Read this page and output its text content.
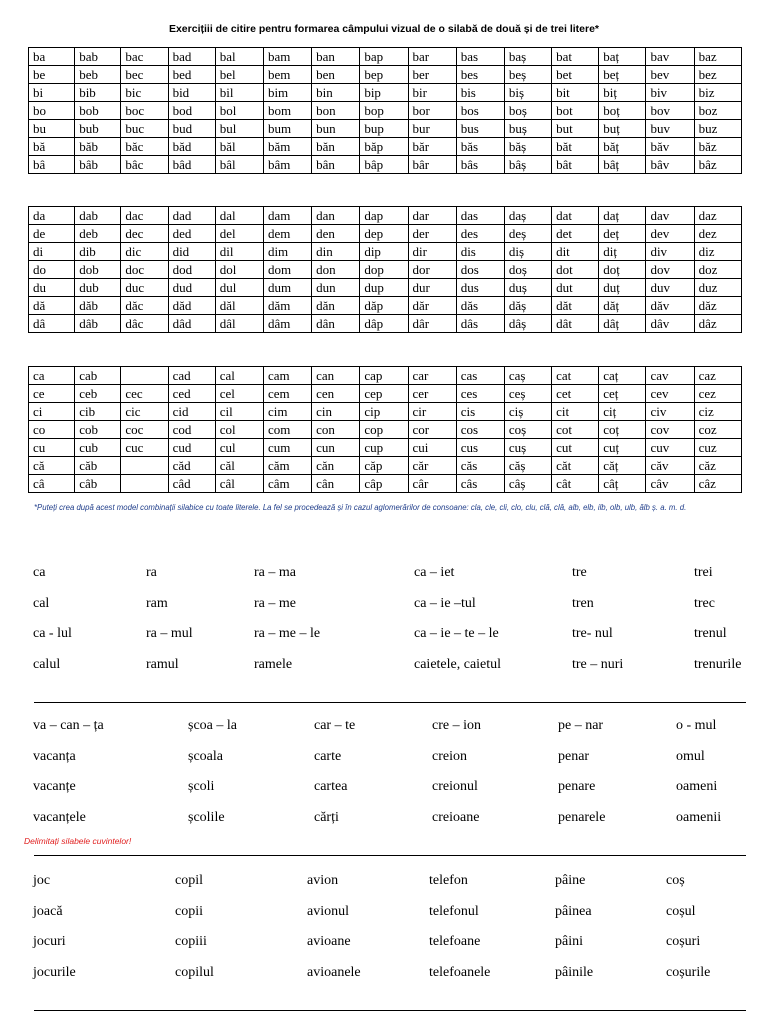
Exercițiii de citire pentru formarea câmpului vizual de o silabă de două și de trei litere*
ba	bab	bac	bad	bal	bam	ban	bap	bar	bas	baș	bat	baț	bav	baz
be	beb	bec	bed	bel	bem	ben	bep	ber	bes	beș	bet	beț	bev	bez
bi	bib	bic	bid	bil	bim	bin	bip	bir	bis	biș	bit	biț	biv	biz
bo	bob	boc	bod	bol	bom	bon	bop	bor	bos	boș	bot	boț	bov	boz
bu	bub	buc	bud	bul	bum	bun	bup	bur	bus	buș	but	buț	buv	buz
bă	băb	băc	băd	băl	băm	băn	băp	băr	băs	băș	băt	băț	băv	băz
bâ	bâb	bâc	bâd	bâl	bâm	bân	bâp	bâr	bâs	bâș	bât	bâț	bâv	bâz
da	dab	dac	dad	dal	dam	dan	dap	dar	das	daș	dat	daț	dav	daz
de	deb	dec	ded	del	dem	den	dep	der	des	deș	det	deț	dev	dez
di	dib	dic	did	dil	dim	din	dip	dir	dis	diș	dit	diț	div	diz
do	dob	doc	dod	dol	dom	don	dop	dor	dos	doș	dot	doț	dov	doz
du	dub	duc	dud	dul	dum	dun	dup	dur	dus	duș	dut	duț	duv	duz
dă	dăb	dăc	dăd	dăl	dăm	dăn	dăp	dăr	dăs	dăș	dăt	dăț	dăv	dăz
dâ	dâb	dâc	dâd	dâl	dâm	dân	dâp	dâr	dâs	dâș	dât	dâț	dâv	dâz
ca	cab		cad	cal	cam	can	cap	car	cas	caș	cat	caț	cav	caz
ce	ceb	cec	ced	cel	cem	cen	cep	cer	ces	ceș	cet	ceț	cev	cez
ci	cib	cic	cid	cil	cim	cin	cip	cir	cis	ciș	cit	ciț	civ	ciz
co	cob	coc	cod	col	com	con	cop	cor	cos	coș	cot	coț	cov	coz
cu	cub	cuc	cud	cul	cum	cun	cup	cui	cus	cuș	cut	cuț	cuv	cuz
că	căb		căd	căl	căm	căn	căp	căr	căs	căș	căt	căț	căv	căz
câ	câb		câd	câl	câm	cân	câp	câr	câs	câș	cât	câț	câv	câz
*Puteți crea după acest model combinații silabice cu toate literele. La fel se procedează și în cazul aglomerărilor de consoane: cla, cle, cli, clo, clu, clă, clâ, alb, elb, ilb, olb, ulb, ălb ș. a. m. d.
ca	ra	ra – ma	ca – iet	tre	trei
cal	ram	ra – me	ca – ie –tul	tren	trec
ca - lul	ra – mul	ra – me – le	ca – ie – te – le	tre- nul	trenul
calul	ramul	ramele	caietele, caietul	tre – nuri	trenurile
va – can – ța	școa – la	car – te	cre – ion	pe – nar	o - mul
vacanța	școala	carte	creion	penar	omul
vacanțe	școli	cartea	creionul	penare	oameni
vacanțele	școlile	cărți	creioane	penarele	oamenii
Delimitați silabele cuvintelor!
joc	copil	avion	telefon	pâine	coș
joacă	copii	avionul	telefonul	pâinea	coșul
jocuri	copiii	avioane	telefoane	pâini	coșuri
jocurile	copilul	avioanele	telefoanele	pâinile	coșurile
